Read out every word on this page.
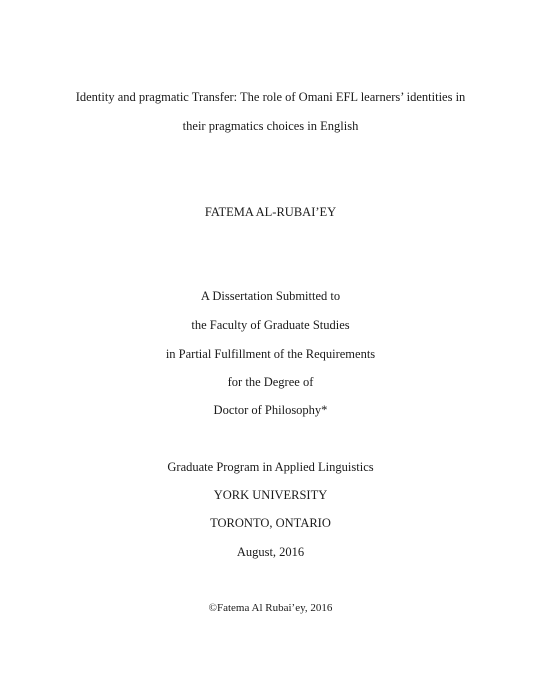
Identity and pragmatic Transfer: The role of Omani EFL learners’ identities in
their pragmatics choices in English
FATEMA AL-RUBAI’EY
A Dissertation Submitted to
the Faculty of Graduate Studies
in Partial Fulfillment of the Requirements
for the Degree of
Doctor of Philosophy*
Graduate Program in Applied Linguistics
YORK UNIVERSITY
TORONTO, ONTARIO
August, 2016
©Fatema Al Rubai’ey, 2016
